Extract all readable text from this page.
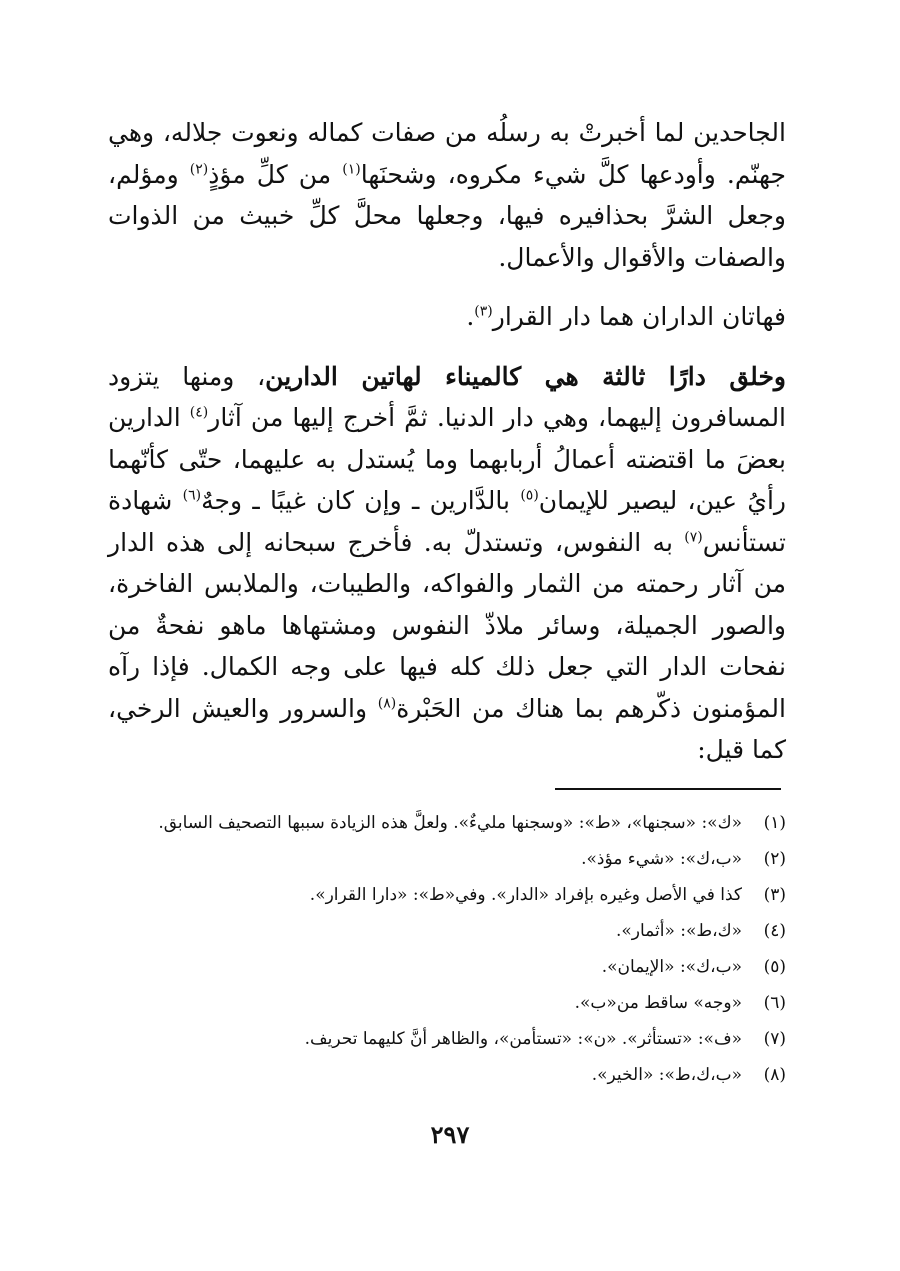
الجاحدين لما أخبرتْ به رسلُه من صفات كماله ونعوت جلاله، وهي جهنّم. وأودعها كلَّ شيء مكروه، وشحنَها$^{(١)}$ من كلِّ مؤذٍ$^{(٢)}$ ومؤلم، وجعل الشرَّ بحذافيره فيها، وجعلها محلَّ كلِّ خبيث من الذوات والصفات والأقوال والأعمال.

فهاتان الداران هما دار القرار$^{(٣)}$.

وخلق دارًا ثالثة هي كالميناء لهاتين الدارين، ومنها يتزود المسافرون إليهما، وهي دار الدنيا. ثمَّ أخرج إليها من آثار$^{(٤)}$ الدارين بعضَ ما اقتضته أعمالُ أربابهما وما يُستدل به عليهما، حتّى كأنّهما رأيُ عين، ليصير للإيمان$^{(٥)}$ بالدَّارين ـ وإن كان غيبًا ـ وجهٌ$^{(٦)}$ شهادة تستأنس$^{(٧)}$ به النفوس، وتستدلّ به. فأخرج سبحانه إلى هذه الدار من آثار رحمته من الثمار والفواكه، والطيبات، والملابس الفاخرة، والصور الجميلة، وسائر ملاذّ النفوس ومشتهاها ماهو نفحةٌ من نفحات الدار التي جعل ذلك كله فيها على وجه الكمال. فإذا رآه المؤمنون ذكّرهم بما هناك من الحَبْرة$^{(٨)}$ والسرور والعيش الرخي، كما قيل:

(١)
«ك»: «سجنها»، «ط»: «وسجنها مليءٌ». ولعلَّ هذه الزيادة سببها التصحيف السابق.
(٢)
«ب،ك»: «شيء مؤذ».
(٣)
كذا في الأصل وغيره بإفراد «الدار». وفي«ط»: «دارا القرار».
(٤)
«ك،ط»: «أثمار».
(٥)
«ب،ك»: «الإيمان».
(٦)
«وجه» ساقط من«ب».
(٧)
«ف»: «تستأثر». «ن»: «تستأمن»، والظاهر أنَّ كليهما تحريف.
(٨)
«ب،ك،ط»: «الخير».
٢٩٧
